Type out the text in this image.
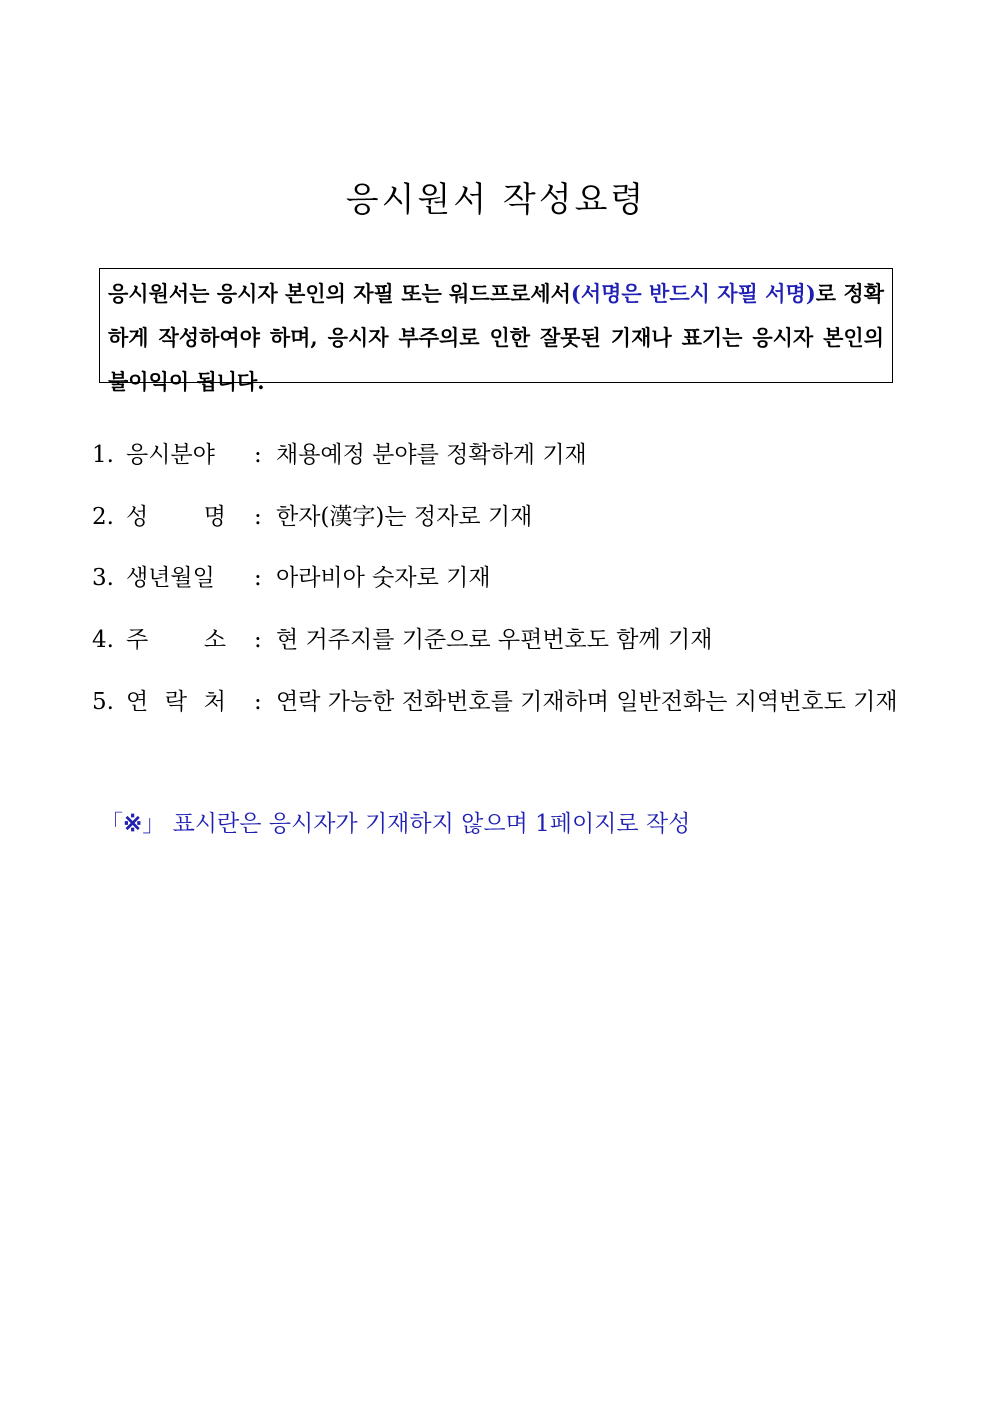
응시원서 작성요령
응시원서는 응시자 본인의 자필 또는 워드프로세서(서명은 반드시 자필 서명)로 정확하게 작성하여야 하며, 응시자 부주의로 인한 잘못된 기재나 표기는 응시자 본인의 불이익이 됩니다.
1. 응시분야 : 채용예정 분야를 정확하게 기재
2. 성 명 : 한자(漢字)는 정자로 기재
3. 생년월일 : 아라비아 숫자로 기재
4. 주 소 : 현 거주지를 기준으로 우편번호도 함께 기재
5. 연 락 처 : 연락 가능한 전화번호를 기재하며 일반전화는 지역번호도 기재
「※」 표시란은 응시자가 기재하지 않으며 1페이지로 작성
